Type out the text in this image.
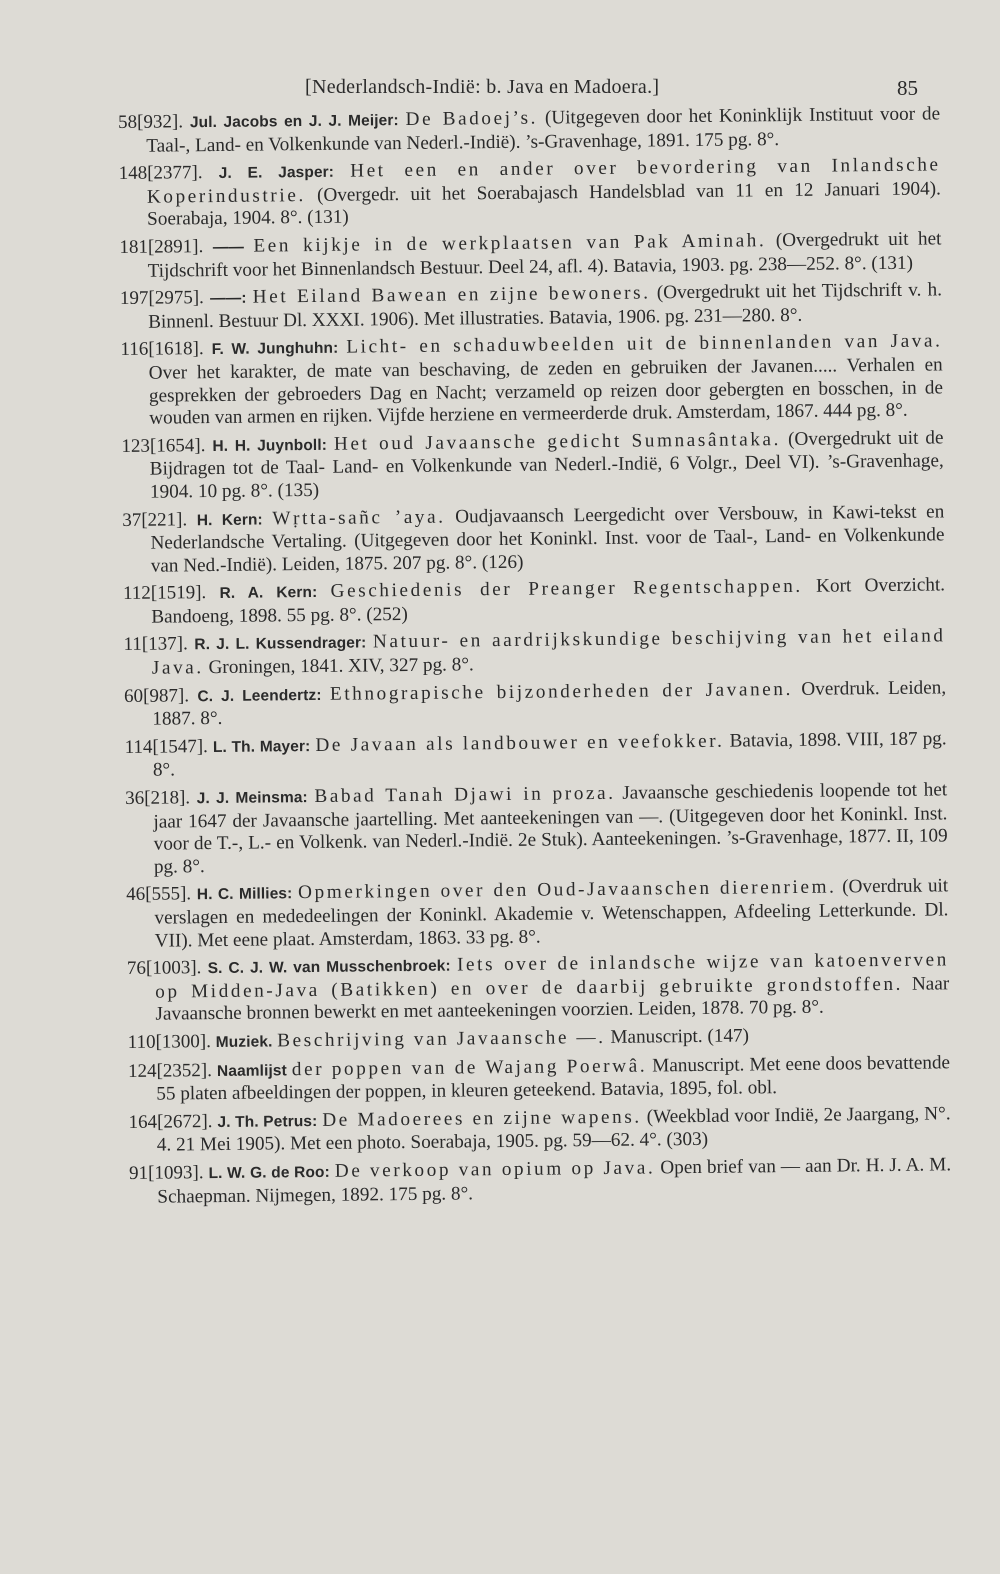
[Nederlandsch-Indië: b. Java en Madoera.]	85

58[932]. Jul. Jacobs en J. J. Meijer: De Badoej’s. (Uitgegeven door het Koninklijk Instituut voor de Taal-, Land- en Volkenkunde van Nederl.-Indië). ’s-Gravenhage, 1891. 175 pg. 8°.

148[2377]. J. E. Jasper: Het een en ander over bevordering van Inlandsche Koperindustrie. (Overgedr. uit het Soerabajasch Handelsblad van 11 en 12 Januari 1904). Soerabaja, 1904. 8°. (131)

181[2891]. —— Een kijkje in de werkplaatsen van Pak Aminah. (Overgedrukt uit het Tijdschrift voor het Binnenlandsch Bestuur. Deel 24, afl. 4). Batavia, 1903. pg. 238—252. 8°. (131)

197[2975]. ——: Het Eiland Bawean en zijne bewoners. (Overgedrukt uit het Tijdschrift v. h. Binnenl. Bestuur Dl. XXXI. 1906). Met illustraties. Batavia, 1906. pg. 231—280. 8°.

116[1618]. F. W. Junghuhn: Licht- en schaduwbeelden uit de binnenlanden van Java. Over het karakter, de mate van beschaving, de zeden en gebruiken der Javanen..... Verhalen en gesprekken der gebroeders Dag en Nacht; verzameld op reizen door gebergten en bosschen, in de wouden van armen en rijken. Vijfde herziene en vermeerderde druk. Amsterdam, 1867. 444 pg. 8°.

123[1654]. H. H. Juynboll: Het oud Javaansche gedicht Sumnasântaka. (Overgedrukt uit de Bijdragen tot de Taal- Land- en Volkenkunde van Nederl.-Indië, 6 Volgr., Deel VI). ’s-Gravenhage, 1904. 10 pg. 8°. (135)

37[221]. H. Kern: Wṛtta-sañc ’aya. Oudjavaansch Leergedicht over Versbouw, in Kawi-tekst en Nederlandsche Vertaling. (Uitgegeven door het Koninkl. Inst. voor de Taal-, Land- en Volkenkunde van Ned.-Indië). Leiden, 1875. 207 pg. 8°. (126)

112[1519]. R. A. Kern: Geschiedenis der Preanger Regentschappen. Kort Overzicht. Bandoeng, 1898. 55 pg. 8°. (252)

11[137]. R. J. L. Kussendrager: Natuur- en aardrijkskundige beschijving van het eiland Java. Groningen, 1841. XIV, 327 pg. 8°.

60[987]. C. J. Leendertz: Ethnograpische bijzonderheden der Javanen. Overdruk. Leiden, 1887. 8°.

114[1547]. L. Th. Mayer: De Javaan als landbouwer en veefokker. Batavia, 1898. VIII, 187 pg. 8°.

36[218]. J. J. Meinsma: Babad Tanah Djawi in proza. Javaansche geschiedenis loopende tot het jaar 1647 der Javaansche jaartelling. Met aanteekeningen van —. (Uitgegeven door het Koninkl. Inst. voor de T.-, L.- en Volkenk. van Nederl.-Indië. 2e Stuk). Aanteekeningen. ’s-Gravenhage, 1877. II, 109 pg. 8°.

46[555]. H. C. Millies: Opmerkingen over den Oud-Javaanschen dierenriem. (Overdruk uit verslagen en mededeelingen der Koninkl. Akademie v. Wetenschappen, Afdeeling Letterkunde. Dl. VII). Met eene plaat. Amsterdam, 1863. 33 pg. 8°.

76[1003]. S. C. J. W. van Musschenbroek: Iets over de inlandsche wijze van katoenverven op Midden-Java (Batikken) en over de daarbij gebruikte grondstoffen. Naar Javaansche bronnen bewerkt en met aanteekeningen voorzien. Leiden, 1878. 70 pg. 8°.

110[1300]. Muziek. Beschrijving van Javaansche —. Manuscript. (147)

124[2352]. Naamlijst der poppen van de Wajang Poerwâ. Manuscript. Met eene doos bevattende 55 platen afbeeldingen der poppen, in kleuren geteekend. Batavia, 1895, fol. obl.

164[2672]. J. Th. Petrus: De Madoerees en zijne wapens. (Weekblad voor Indië, 2e Jaargang, N°. 4. 21 Mei 1905). Met een photo. Soerabaja, 1905. pg. 59—62. 4°. (303)

91[1093]. L. W. G. de Roo: De verkoop van opium op Java. Open brief van — aan Dr. H. J. A. M. Schaepman. Nijmegen, 1892. 175 pg. 8°.
